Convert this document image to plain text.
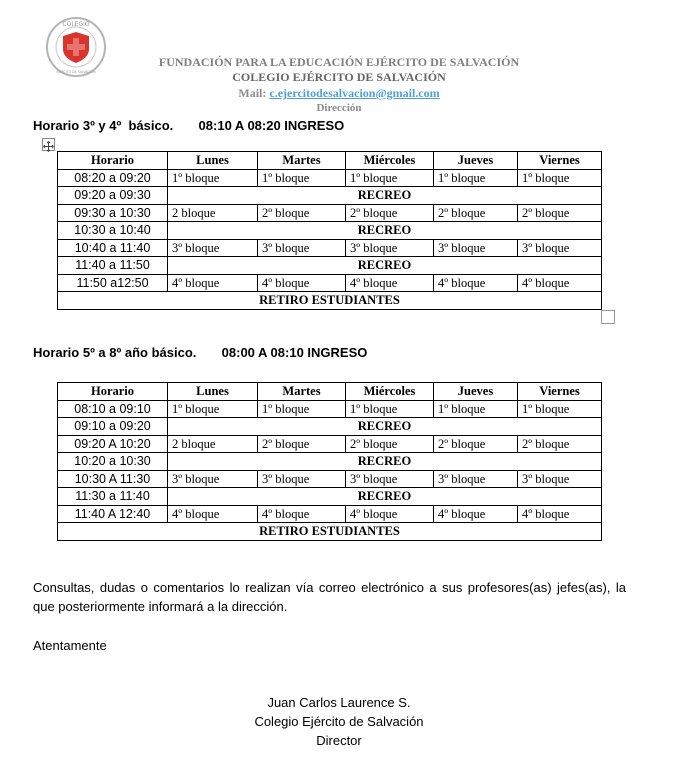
COLEGIO
EJÉRCITO DE SALVACIÓN
FUNDACIÓN PARA LA EDUCACIÓN EJÉRCITO DE SALVACIÓN
COLEGIO EJÉRCITO DE SALVACIÓN
Mail: c.ejercitodesalvacion@gmail.com
Dirección
Horario 3º y 4º  básico.       08:10 A 08:20 INGRESO
Horario	Lunes	Martes	Miércoles	Jueves	Viernes
08:20 a 09:20	1º bloque	1º bloque	1º bloque	1º bloque	1º bloque
09:20 a 09:30	RECREO				
09:30 a 10:30	2 bloque	2º bloque	2º bloque	2º bloque	2º bloque
10:30 a 10:40	RECREO				
10:40 a 11:40	3º bloque	3º bloque	3º bloque	3º bloque	3º bloque
11:40 a 11:50	RECREO				
11:50 a12:50	4º bloque	4º bloque	4º bloque	4º bloque	4º bloque
RETIRO ESTUDIANTES					
Horario 5º a 8º año básico.       08:00 A 08:10 INGRESO
Horario	Lunes	Martes	Miércoles	Jueves	Viernes
08:10 a 09:10	1º bloque	1º bloque	1º bloque	1º bloque	1º bloque
09:10 a 09:20	RECREO				
09:20 A 10:20	2 bloque	2º bloque	2º bloque	2º bloque	2º bloque
10:20 a 10:30	RECREO				
10:30 A 11:30	3º bloque	3º bloque	3º bloque	3º bloque	3º bloque
11:30 a 11:40	RECREO				
11:40 A 12:40	4º bloque	4º bloque	4º bloque	4º bloque	4º bloque
RETIRO ESTUDIANTES					
Consultas, dudas o comentarios lo realizan vía correo electrónico a sus profesores(as) jefes(as), la que posteriormente informará a la dirección.
Atentamente
Juan Carlos Laurence S.
Colegio Ejército de Salvación
Director
